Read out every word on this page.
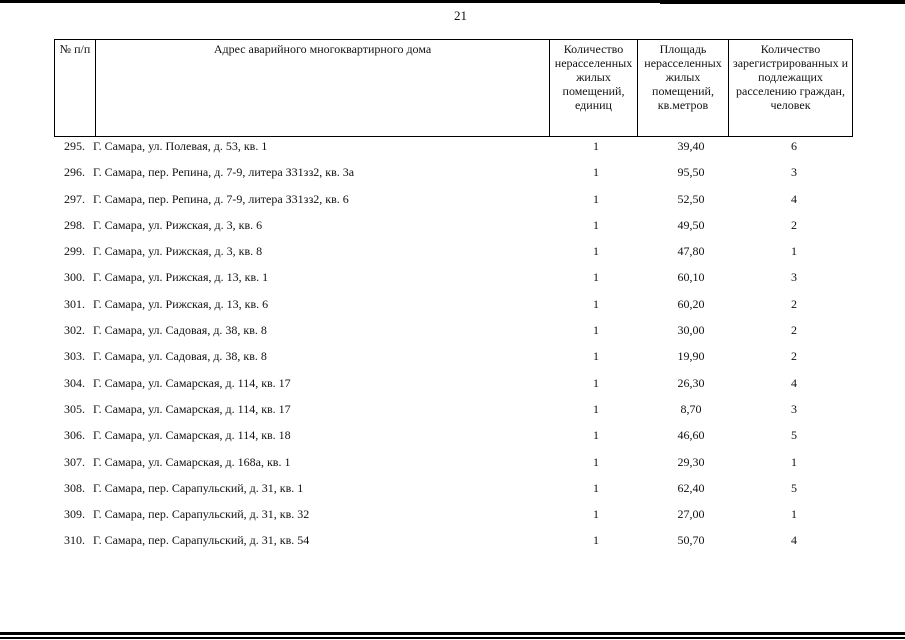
21
№ п/п	Адрес аварийного многоквартирного дома	Количество нерасселенных жилых помещений, единиц	Площадь нерасселенных жилых помещений, кв.метров	Количество зарегистрированных и подлежащих расселению граждан, человек
295. Г. Самара, ул. Полевая, д. 53, кв. 1	1	39,40	6
296. Г. Самара, пер. Репина, д. 7-9, литера З31зз2, кв. 3а	1	95,50	3
297. Г. Самара, пер. Репина, д. 7-9, литера З31зз2, кв. 6	1	52,50	4
298. Г. Самара, ул. Рижская, д. 3, кв. 6	1	49,50	2
299. Г. Самара, ул. Рижская, д. 3, кв. 8	1	47,80	1
300. Г. Самара, ул. Рижская, д. 13, кв. 1	1	60,10	3
301. Г. Самара, ул. Рижская, д. 13, кв. 6	1	60,20	2
302. Г. Самара, ул. Садовая, д. 38, кв. 8	1	30,00	2
303. Г. Самара, ул. Садовая, д. 38, кв. 8	1	19,90	2
304. Г. Самара, ул. Самарская, д. 114, кв. 17	1	26,30	4
305. Г. Самара, ул. Самарская, д. 114, кв. 17	1	8,70	3
306. Г. Самара, ул. Самарская, д. 114, кв. 18	1	46,60	5
307. Г. Самара, ул. Самарская, д. 168а, кв. 1	1	29,30	1
308. Г. Самара, пер. Сарапульский, д. 31, кв. 1	1	62,40	5
309. Г. Самара, пер. Сарапульский, д. 31, кв. 32	1	27,00	1
310. Г. Самара, пер. Сарапульский, д. 31, кв. 54	1	50,70	4
